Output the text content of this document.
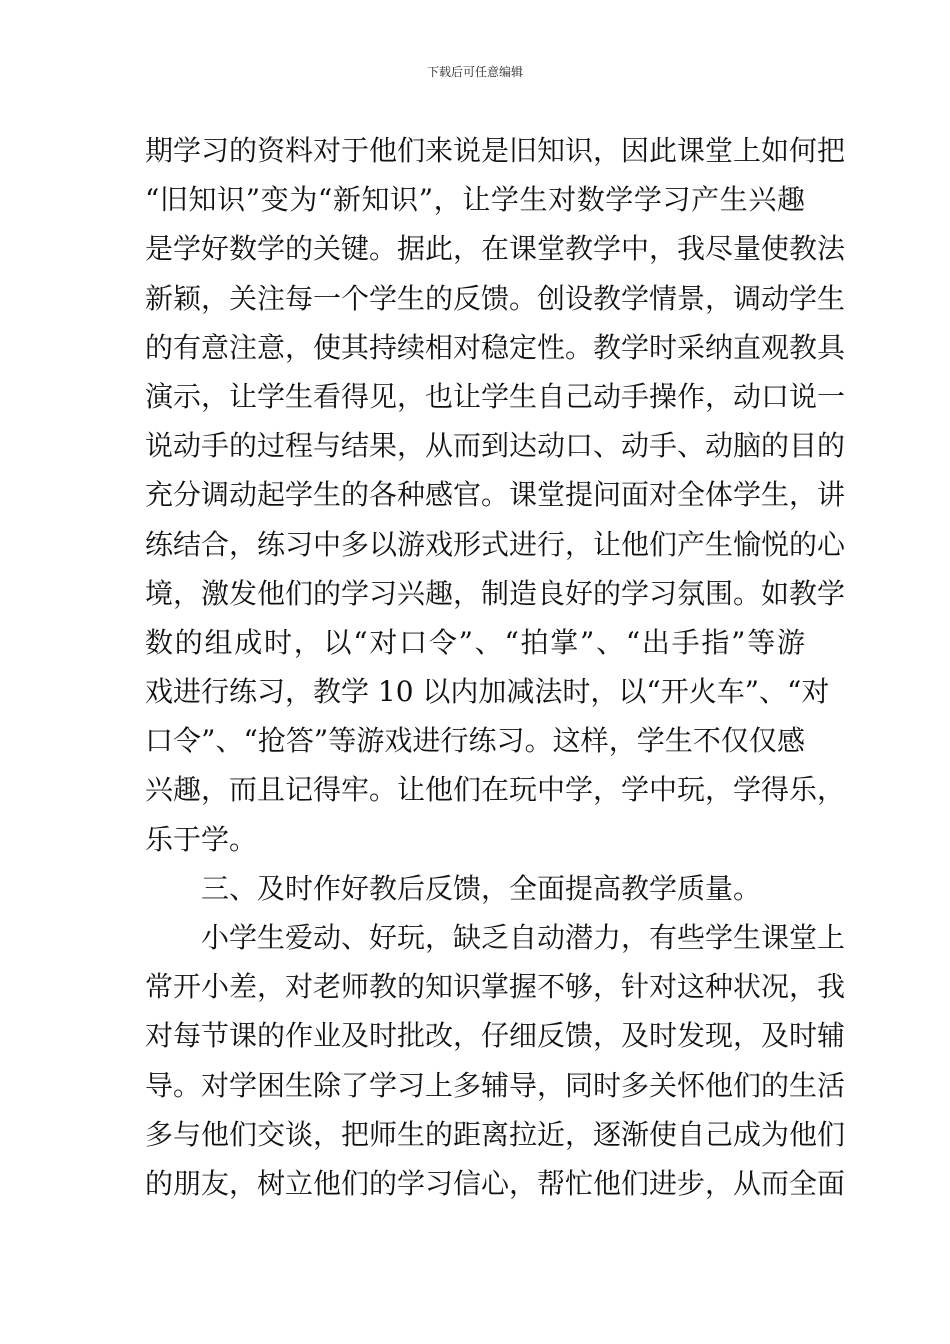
下载后可任意编辑
期学习的资料对于他们来说是旧知识，因此课堂上如何把
“旧知识”变为“新知识”，让学生对数学学习产生兴趣
是学好数学的关键。据此，在课堂教学中，我尽量使教法
新颖，关注每一个学生的反馈。创设教学情景，调动学生
的有意注意，使其持续相对稳定性。教学时采纳直观教具
演示，让学生看得见，也让学生自己动手操作，动口说一
说动手的过程与结果，从而到达动口、动手、动脑的目的
充分调动起学生的各种感官。课堂提问面对全体学生，讲
练结合，练习中多以游戏形式进行，让他们产生愉悦的心
境，激发他们的学习兴趣，制造良好的学习氛围。如教学
数的组成时，以“对口令”、“拍掌”、“出手指”等游
戏进行练习，教学 10 以内加减法时，以“开火车”、“对
口令”、“抢答”等游戏进行练习。这样，学生不仅仅感
兴趣，而且记得牢。让他们在玩中学，学中玩，学得乐，
乐于学。
三、及时作好教后反馈，全面提高教学质量。
小学生爱动、好玩，缺乏自动潜力，有些学生课堂上
常开小差，对老师教的知识掌握不够，针对这种状况，我
对每节课的作业及时批改，仔细反馈，及时发现，及时辅
导。对学困生除了学习上多辅导，同时多关怀他们的生活
多与他们交谈，把师生的距离拉近，逐渐使自己成为他们
的朋友，树立他们的学习信心，帮忙他们进步，从而全面
